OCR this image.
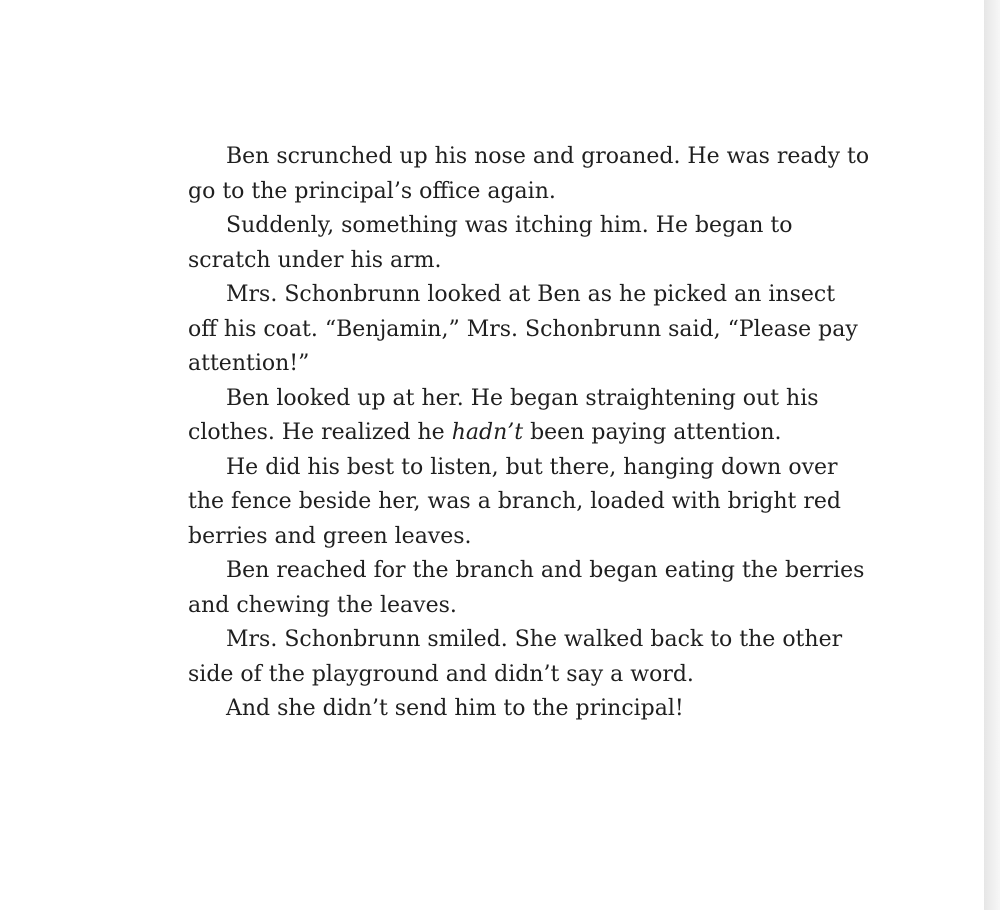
Ben scrunched up his nose and groaned. He was ready to
go to the principal’s office again.

Suddenly, something was itching him. He began to
scratch under his arm.

Mrs. Schonbrunn looked at Ben as he picked an insect
off his coat. “Benjamin,” Mrs. Schonbrunn said, “Please pay
attention!”

Ben looked up at her. He began straightening out his
clothes. He realized he hadn’t been paying attention.

He did his best to listen, but there, hanging down over
the fence beside her, was a branch, loaded with bright red
berries and green leaves.

Ben reached for the branch and began eating the berries
and chewing the leaves.

Mrs. Schonbrunn smiled. She walked back to the other
side of the playground and didn’t say a word.

And she didn’t send him to the principal!
